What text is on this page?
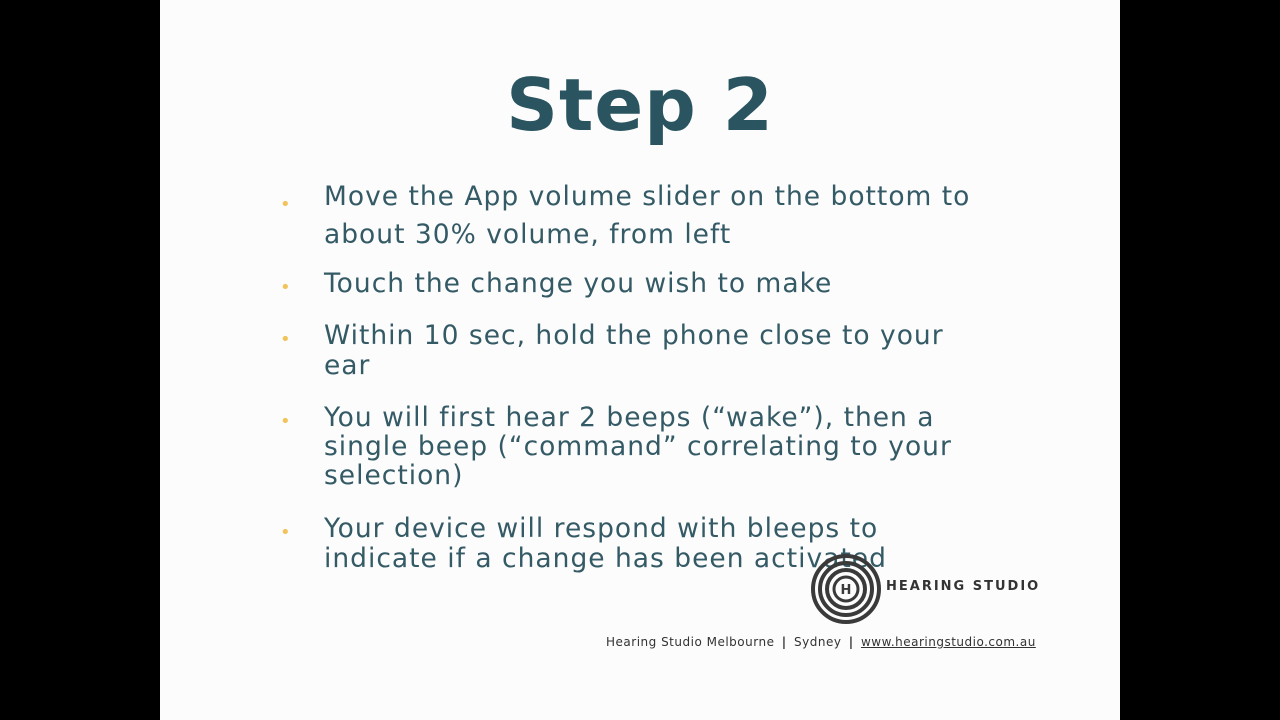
Step 2
• Move the App volume slider on the bottom to about 30% volume, from left
• Touch the change you wish to make
• Within 10 sec, hold the phone close to your ear
• You will first hear 2 beeps (“wake”), then a single beep (“command” correlating to your selection)
• Your device will respond with bleeps to indicate if a change has been activated
H	HEARING STUDIO
Hearing Studio Melbourne | Sydney | www.hearingstudio.com.au
